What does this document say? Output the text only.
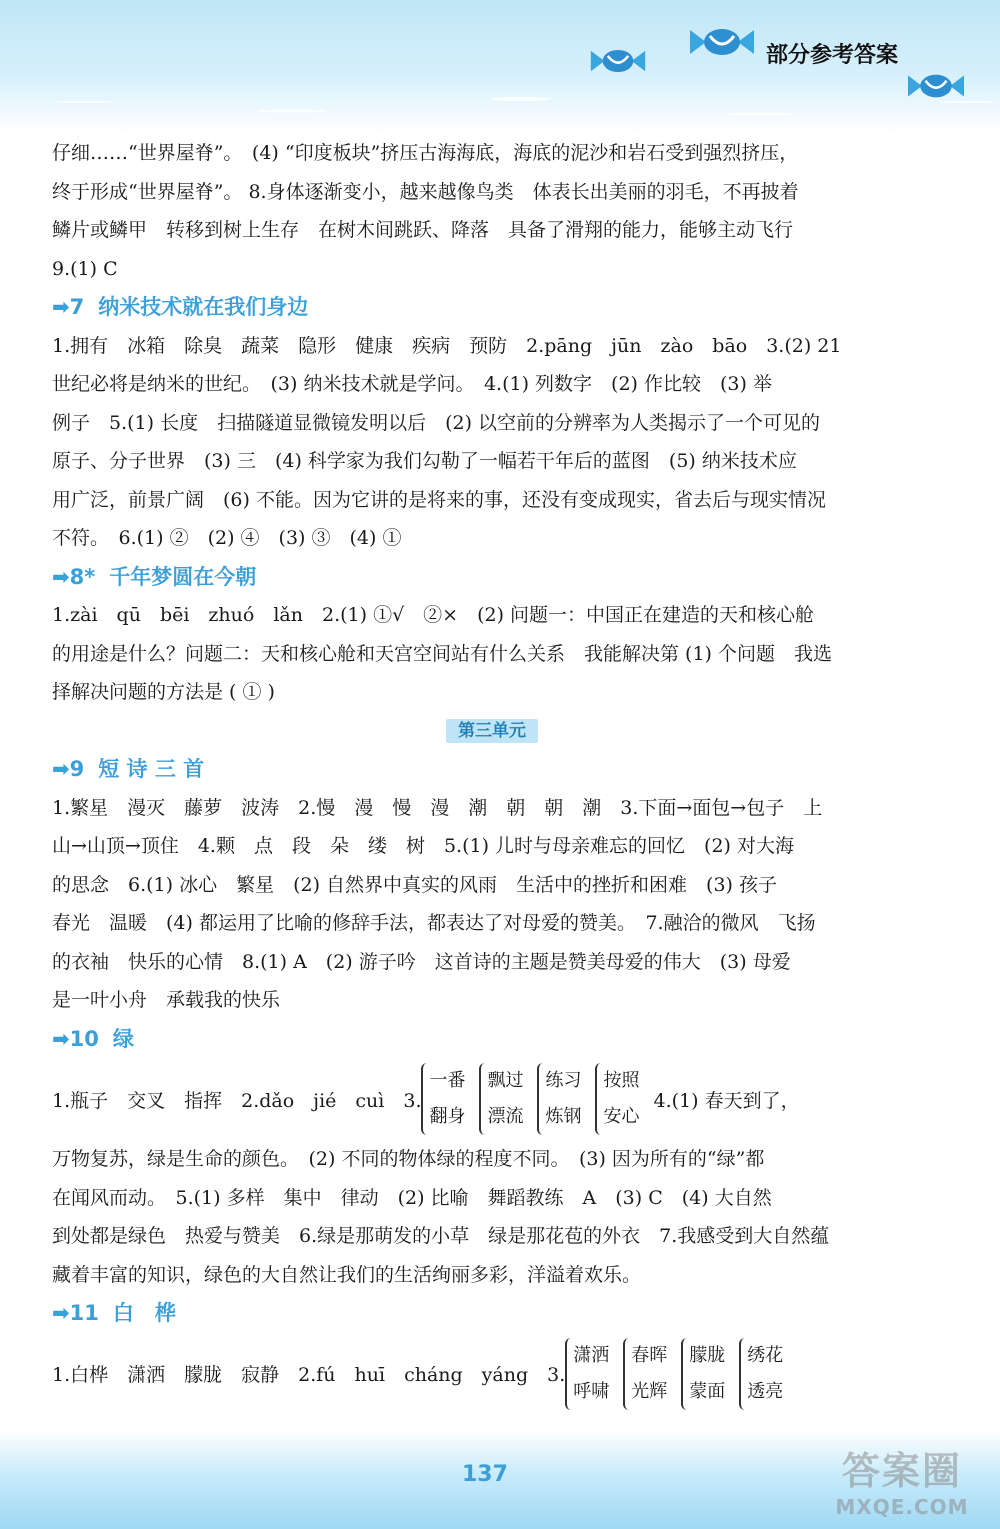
部分参考答案
仔细……“世界屋脊”。　(4) “印度板块”挤压古海海底，海底的泥沙和岩石受到强烈挤压，
终于形成“世界屋脊”。 8.身体逐渐变小，越来越像鸟类　体表长出美丽的羽毛，不再披着
鳞片或鳞甲　转移到树上生存　在树木间跳跃、降落　具备了滑翔的能力，能够主动飞行
9.(1) C
➡7 纳米技术就在我们身边
1.拥有　冰箱　除臭　蔬菜　隐形　健康　疾病　预防　2.pāng　jūn　zào　bāo　3.(2) 21
世纪必将是纳米的世纪。　(3) 纳米技术就是学问。　4.(1) 列数字　(2) 作比较　(3) 举
例子　5.(1) 长度　扫描隧道显微镜发明以后　(2) 以空前的分辨率为人类揭示了一个可见的
原子、分子世界　(3) 三　(4) 科学家为我们勾勒了一幅若干年后的蓝图　(5) 纳米技术应
用广泛，前景广阔　(6) 不能。因为它讲的是将来的事，还没有变成现实，省去后与现实情况
不符。　6.(1) ②　(2) ④　(3) ③　(4) ①
➡8* 千年梦圆在今朝
1.zài　qū　bēi　zhuó　lǎn　2.(1) ①√　②×　(2) 问题一：中国正在建造的天和核心舱
的用途是什么？问题二：天和核心舱和天宫空间站有什么关系　我能解决第 (1) 个问题　我选
择解决问题的方法是 ( ① )
第三单元
➡9 短 诗 三 首
1.繁星　漫灭　藤萝　波涛　2.慢　漫　慢　漫　潮　朝　朝　潮　3.下面→面包→包子　上
山→山顶→顶住　4.颗　点　段　朵　缕　树　5.(1) 儿时与母亲难忘的回忆　(2) 对大海
的思念　6.(1) 冰心　繁星　(2) 自然界中真实的风雨　生活中的挫折和困难　(3) 孩子
春光　温暖　(4) 都运用了比喻的修辞手法，都表达了对母爱的赞美。　7.融洽的微风　飞扬
的衣袖　快乐的心情　8.(1) A　(2) 游子吟　这首诗的主题是赞美母爱的伟大　(3) 母爱
是一叶小舟　承载我的快乐
➡10 绿
1.瓶子　交叉　指挥　2.dǎo　jié　cuì　3.
一番
翻身
飘过
漂流
练习
炼钢
按照
安心
4.(1) 春天到了，
万物复苏，绿是生命的颜色。　(2) 不同的物体绿的程度不同。　(3) 因为所有的“绿”都
在闻风而动。　5.(1) 多样　集中　律动　(2) 比喻　舞蹈教练　A　(3) C　(4) 大自然
到处都是绿色　热爱与赞美　6.绿是那萌发的小草　绿是那花苞的外衣　7.我感受到大自然蕴
藏着丰富的知识，绿色的大自然让我们的生活绚丽多彩，洋溢着欢乐。
➡11 白　桦
1.白桦　潇洒　朦胧　寂静　2.fú　huī　cháng　yáng　3.
潇洒
呼啸
春晖
光辉
朦胧
蒙面
绣花
透亮
137	答案圈
MXQE.COM
